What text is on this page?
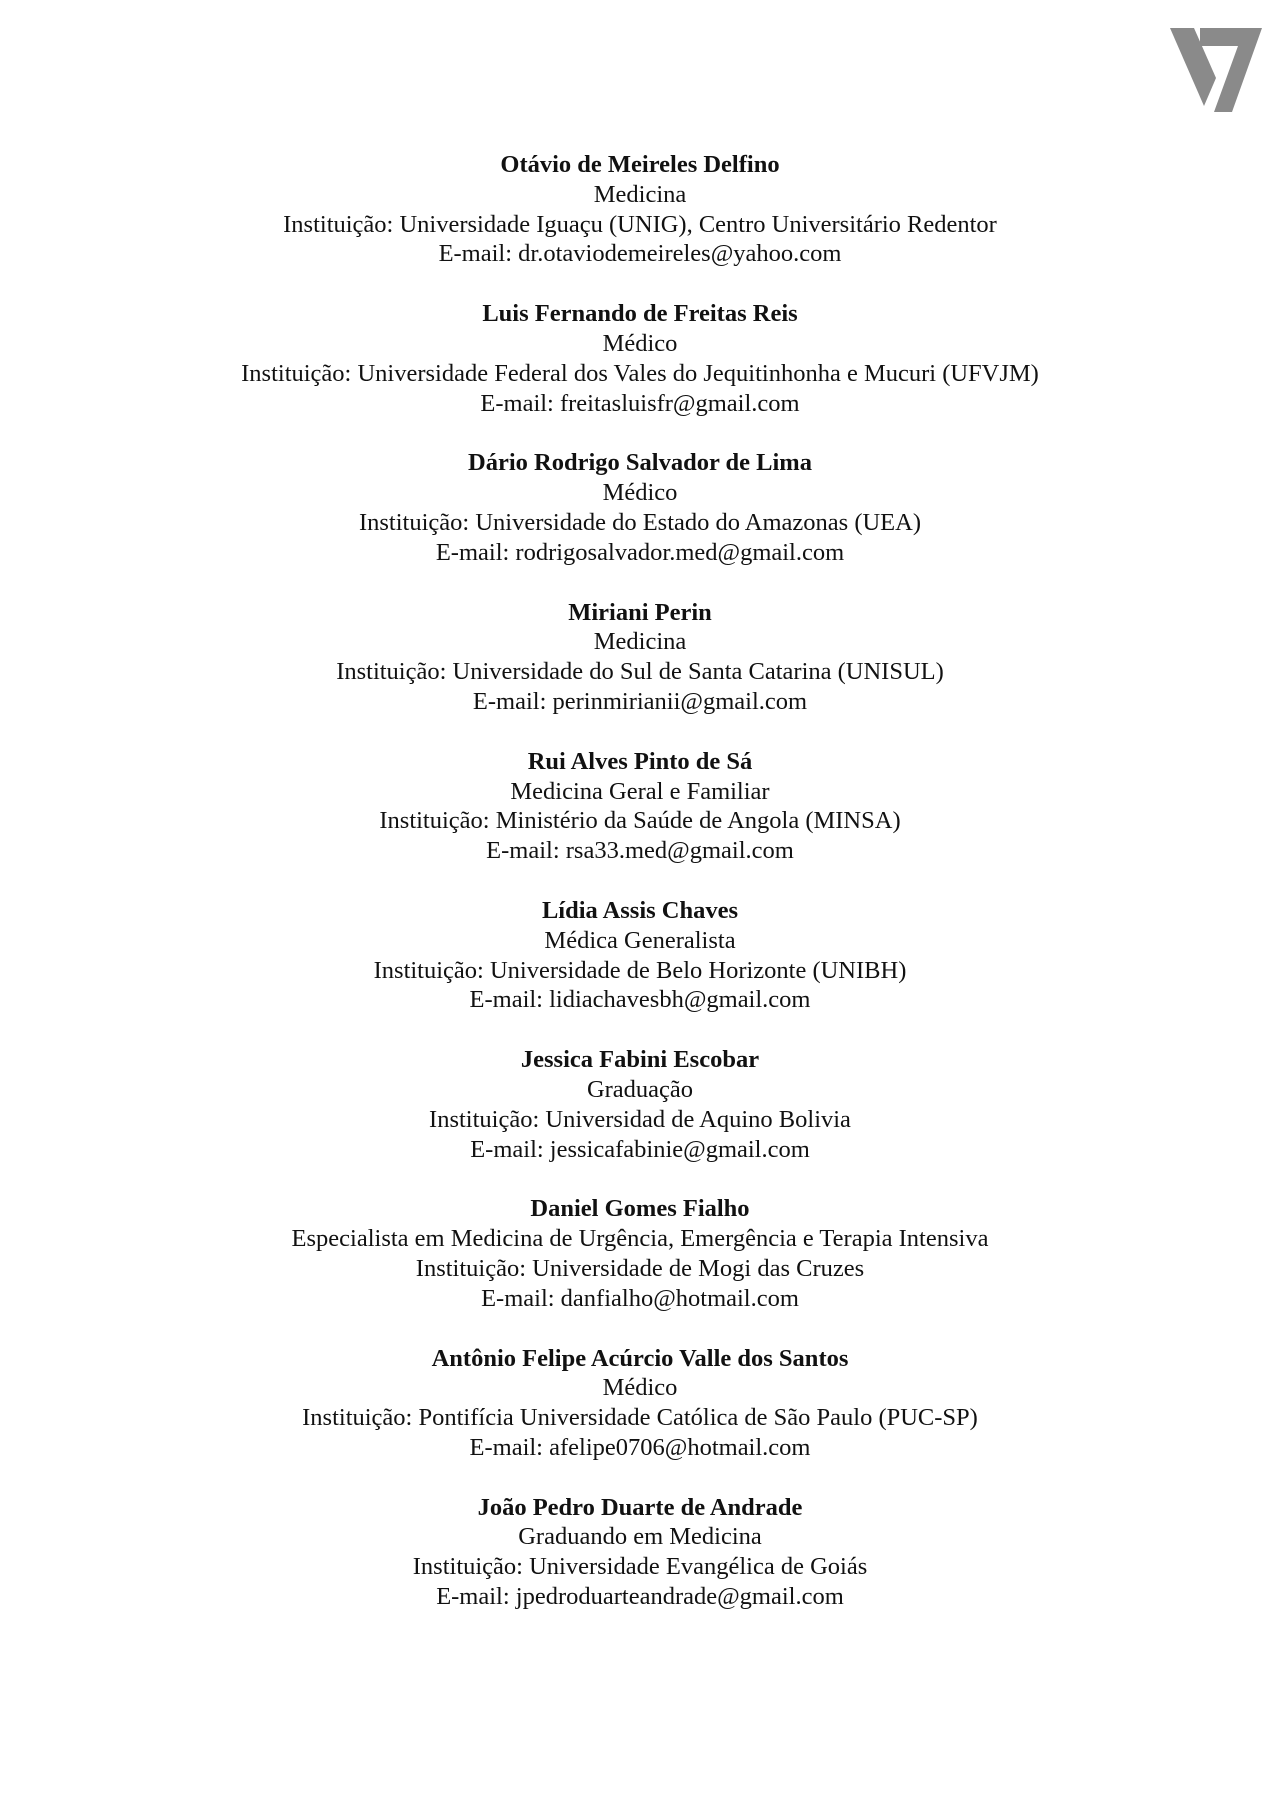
Otávio de Meireles Delfino
Medicina
Instituição: Universidade Iguaçu (UNIG), Centro Universitário Redentor
E-mail: dr.otaviodemeireles@yahoo.com
Luis Fernando de Freitas Reis
Médico
Instituição: Universidade Federal dos Vales do Jequitinhonha e Mucuri (UFVJM)
E-mail: freitasluisfr@gmail.com
Dário Rodrigo Salvador de Lima
Médico
Instituição: Universidade do Estado do Amazonas (UEA)
E-mail: rodrigosalvador.med@gmail.com
Miriani Perin
Medicina
Instituição: Universidade do Sul de Santa Catarina (UNISUL)
E-mail: perinmirianii@gmail.com
Rui Alves Pinto de Sá
Medicina Geral e Familiar
Instituição: Ministério da Saúde de Angola (MINSA)
E-mail: rsa33.med@gmail.com
Lídia Assis Chaves
Médica Generalista
Instituição: Universidade de Belo Horizonte (UNIBH)
E-mail: lidiachavesbh@gmail.com
Jessica Fabini Escobar
Graduação
Instituição: Universidad de Aquino Bolivia
E-mail: jessicafabinie@gmail.com
Daniel Gomes Fialho
Especialista em Medicina de Urgência, Emergência e Terapia Intensiva
Instituição: Universidade de Mogi das Cruzes
E-mail: danfialho@hotmail.com
Antônio Felipe Acúrcio Valle dos Santos
Médico
Instituição: Pontifícia Universidade Católica de São Paulo (PUC-SP)
E-mail: afelipe0706@hotmail.com
João Pedro Duarte de Andrade
Graduando em Medicina
Instituição: Universidade Evangélica de Goiás
E-mail: jpedroduarteandrade@gmail.com
